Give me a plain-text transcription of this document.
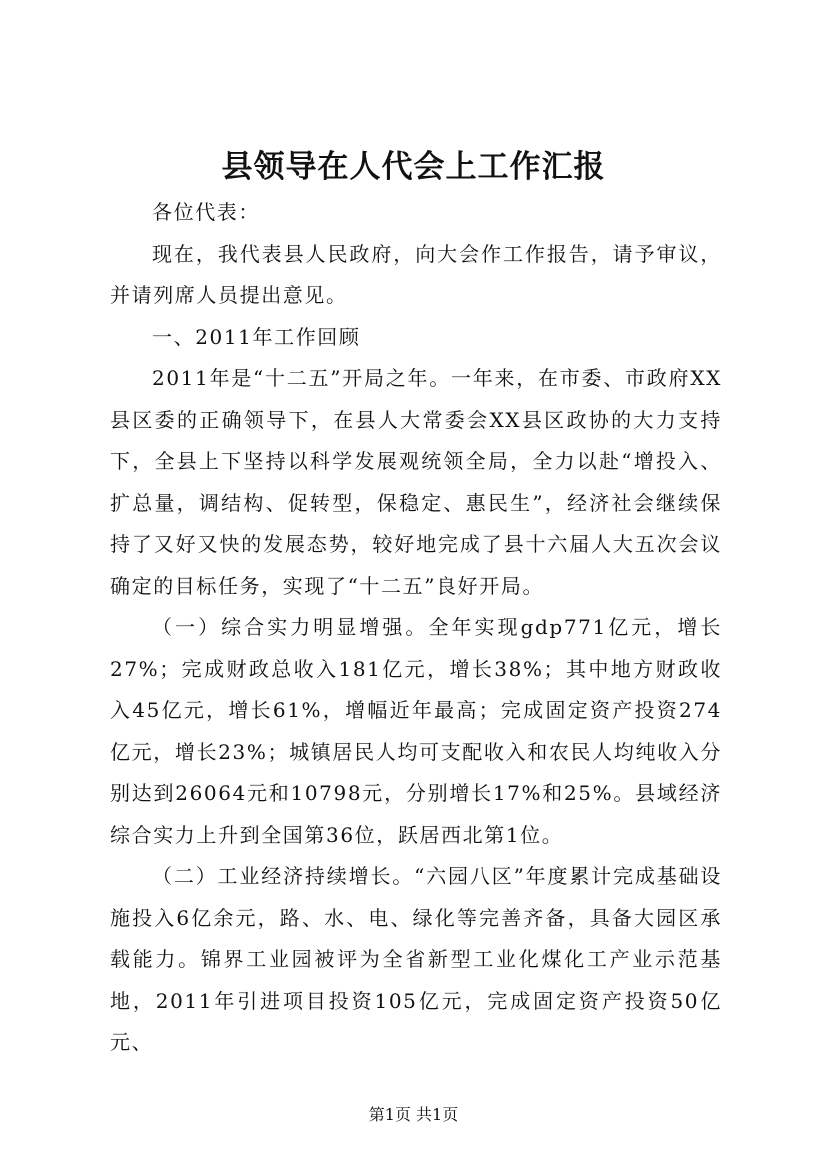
县领导在人代会上工作汇报

各位代表：

现在，我代表县人民政府，向大会作工作报告，请予审议，并请列席人员提出意见。

一、2011年工作回顾

2011年是“十二五”开局之年。一年来，在市委、市政府XX县区委的正确领导下，在县人大常委会XX县区政协的大力支持下，全县上下坚持以科学发展观统领全局，全力以赴“增投入、扩总量，调结构、促转型，保稳定、惠民生”，经济社会继续保持了又好又快的发展态势，较好地完成了县十六届人大五次会议确定的目标任务，实现了“十二五”良好开局。

（一）综合实力明显增强。全年实现gdp771亿元，增长27%；完成财政总收入181亿元，增长38%；其中地方财政收入45亿元，增长61%，增幅近年最高；完成固定资产投资274亿元，增长23%；城镇居民人均可支配收入和农民人均纯收入分别达到26064元和10798元，分别增长17%和25%。县域经济综合实力上升到全国第36位，跃居西北第1位。

（二）工业经济持续增长。“六园八区”年度累计完成基础设施投入6亿余元，路、水、电、绿化等完善齐备，具备大园区承载能力。锦界工业园被评为全省新型工业化煤化工产业示范基地，2011年引进项目投资105亿元，完成固定资产投资50亿元、

第1页 共1页
